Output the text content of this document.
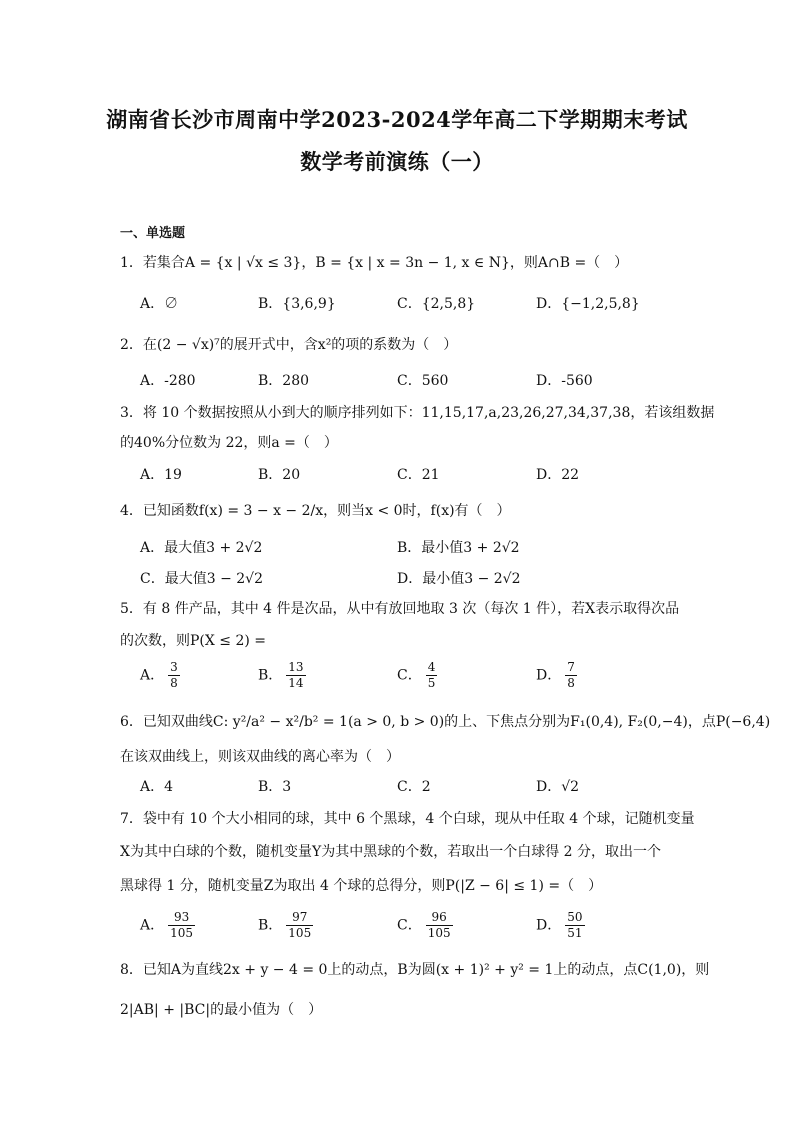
湖南省长沙市周南中学2023-2024学年高二下学期期末考试
数学考前演练（一）
一、单选题
1．若集合A = {x | √x ≤ 3}，B = {x | x = 3n − 1, x ∈ N}，则A∩B =（　）
A．∅	B．{3,6,9}	C．{2,5,8}	D．{−1,2,5,8}
2．在(2 − √x)⁷的展开式中，含x²的项的系数为（　）
A．-280	B．280	C．560	D．-560
3．将 10 个数据按照从小到大的顺序排列如下：11,15,17,a,23,26,27,34,37,38，若该组数据
的40%分位数为 22，则a =（　）
A．19	B．20	C．21	D．22
4．已知函数f(x) = 3 − x − 2/x，则当x < 0时，f(x)有（　）
A．最大值3 + 2√2	B．最小值3 + 2√2
C．最大值3 − 2√2	D．最小值3 − 2√2
5．有 8 件产品，其中 4 件是次品，从中有放回地取 3 次（每次 1 件），若X表示取得次品
的次数，则P(X ≤ 2) =
A． $\frac{3}{8}$	B． $\frac{13}{14}$	C． $\frac{4}{5}$	D． $\frac{7}{8}$
6．已知双曲线C: y²/a² − x²/b² = 1(a > 0, b > 0)的上、下焦点分别为F₁(0,4), F₂(0,−4)，点P(−6,4)
在该双曲线上，则该双曲线的离心率为（　）
A．4	B．3	C．2	D．√2
7．袋中有 10 个大小相同的球，其中 6 个黑球，4 个白球，现从中任取 4 个球，记随机变量
X为其中白球的个数，随机变量Y为其中黑球的个数，若取出一个白球得 2 分，取出一个
黑球得 1 分，随机变量Z为取出 4 个球的总得分，则P(|Z − 6| ≤ 1) =（　）
A． $\frac{93}{105}$	B． $\frac{97}{105}$	C． $\frac{96}{105}$	D． $\frac{50}{51}$
8．已知A为直线2x + y − 4 = 0上的动点，B为圆(x + 1)² + y² = 1上的动点，点C(1,0)，则
2|AB| + |BC|的最小值为（　）
